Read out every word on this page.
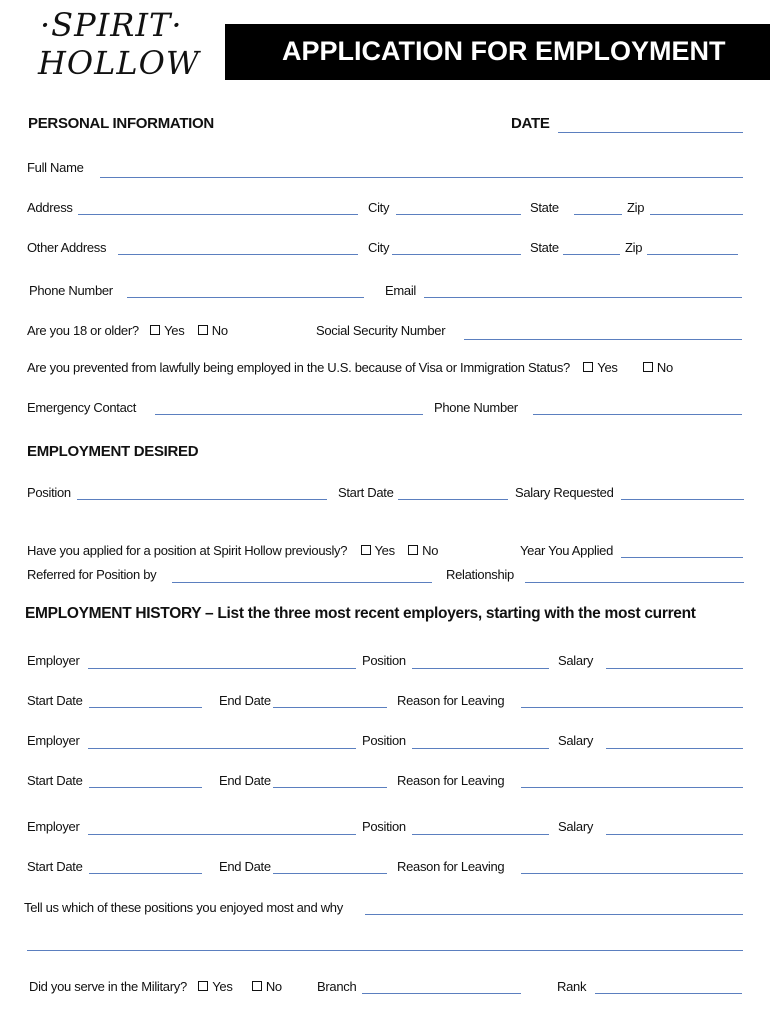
·SPIRIT·
HOLLOW	APPLICATION FOR EMPLOYMENT
PERSONAL INFORMATION	DATE
Full Name
Address	City	State	Zip
Other Address	City	State	Zip
Phone Number	Email
Are you 18 or older? Yes No	Social Security Number
Are you prevented from lawfully being employed in the U.S. because of Visa or Immigration Status? Yes	No
Emergency Contact	Phone Number
EMPLOYMENT DESIRED
Position	Start Date	Salary Requested
Have you applied for a position at Spirit Hollow previously? Yes No	Year You Applied
Referred for Position by	Relationship
EMPLOYMENT HISTORY – List the three most recent employers, starting with the most current
Employer	Position	Salary
Start Date	End Date	Reason for Leaving
Employer	Position	Salary
Start Date	End Date	Reason for Leaving
Employer	Position	Salary
Start Date	End Date	Reason for Leaving
Tell us which of these positions you enjoyed most and why
Did you serve in the Military? Yes	No	Branch	Rank
